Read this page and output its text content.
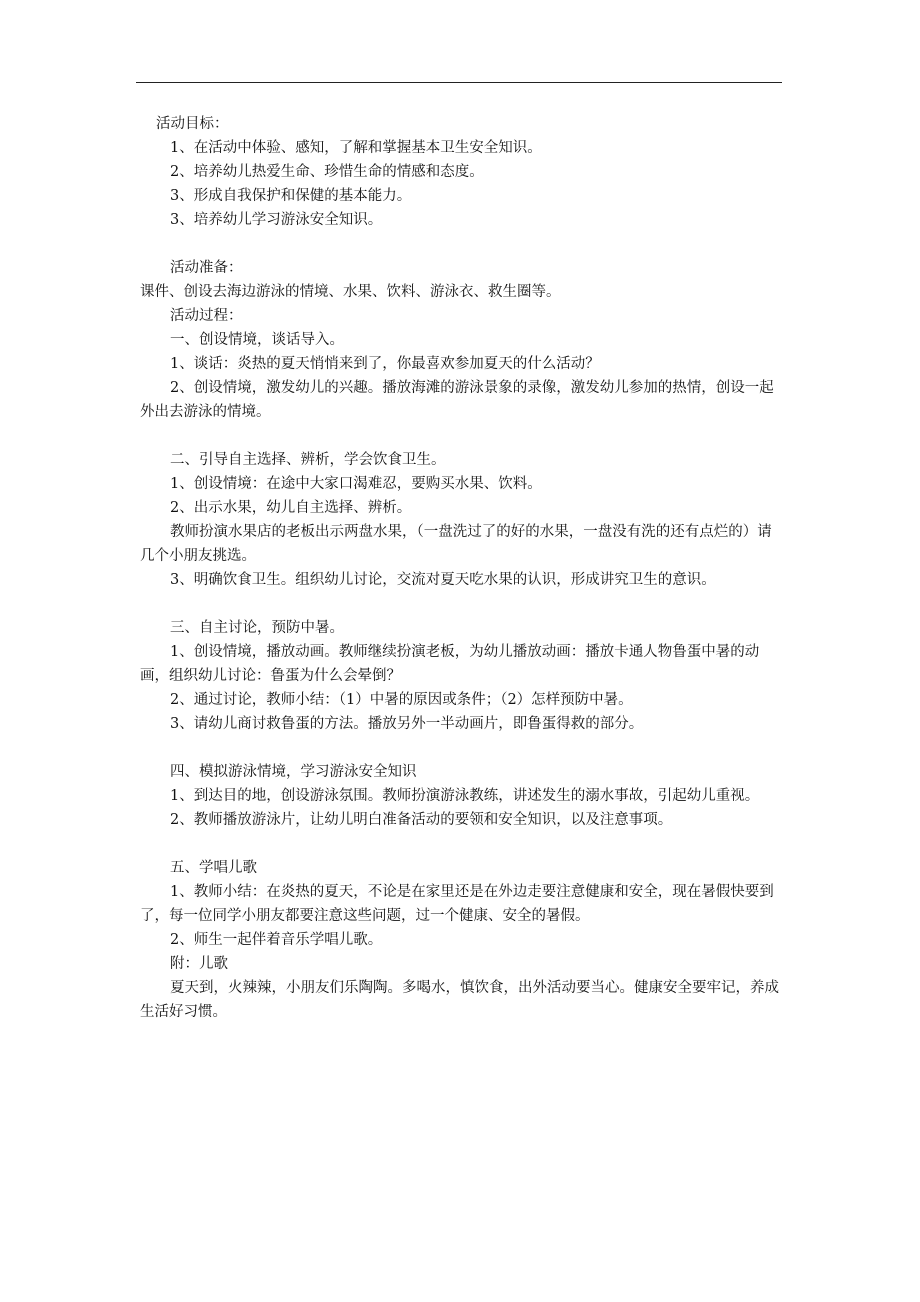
活动目标：

1、在活动中体验、感知，了解和掌握基本卫生安全知识。

2、培养幼儿热爱生命、珍惜生命的情感和态度。

3、形成自我保护和保健的基本能力。

3、培养幼儿学习游泳安全知识。

活动准备：

课件、创设去海边游泳的情境、水果、饮料、游泳衣、救生圈等。

活动过程：

一、创设情境，谈话导入。

1、谈话：炎热的夏天悄悄来到了，你最喜欢参加夏天的什么活动？

2、创设情境，激发幼儿的兴趣。播放海滩的游泳景象的录像，激发幼儿参加的热情，创设一起外出去游泳的情境。

二、引导自主选择、辨析，学会饮食卫生。

1、创设情境：在途中大家口渴难忍，要购买水果、饮料。

2、出示水果，幼儿自主选择、辨析。

教师扮演水果店的老板出示两盘水果，（一盘洗过了的好的水果，一盘没有洗的还有点烂的）请几个小朋友挑选。

3、明确饮食卫生。组织幼儿讨论，交流对夏天吃水果的认识，形成讲究卫生的意识。

三、自主讨论，预防中暑。

1、创设情境，播放动画。教师继续扮演老板，为幼儿播放动画：播放卡通人物鲁蛋中暑的动画，组织幼儿讨论：鲁蛋为什么会晕倒？

2、通过讨论，教师小结：（1）中暑的原因或条件；（2）怎样预防中暑。

3、请幼儿商讨救鲁蛋的方法。播放另外一半动画片，即鲁蛋得救的部分。

四、模拟游泳情境，学习游泳安全知识

1、到达目的地，创设游泳氛围。教师扮演游泳教练，讲述发生的溺水事故，引起幼儿重视。

2、教师播放游泳片，让幼儿明白准备活动的要领和安全知识，以及注意事项。

五、学唱儿歌

1、教师小结：在炎热的夏天，不论是在家里还是在外边走要注意健康和安全，现在暑假快要到了，每一位同学小朋友都要注意这些问题，过一个健康、安全的暑假。

2、师生一起伴着音乐学唱儿歌。

附：儿歌

夏天到，火辣辣，小朋友们乐陶陶。多喝水，慎饮食，出外活动要当心。健康安全要牢记，养成生活好习惯。
